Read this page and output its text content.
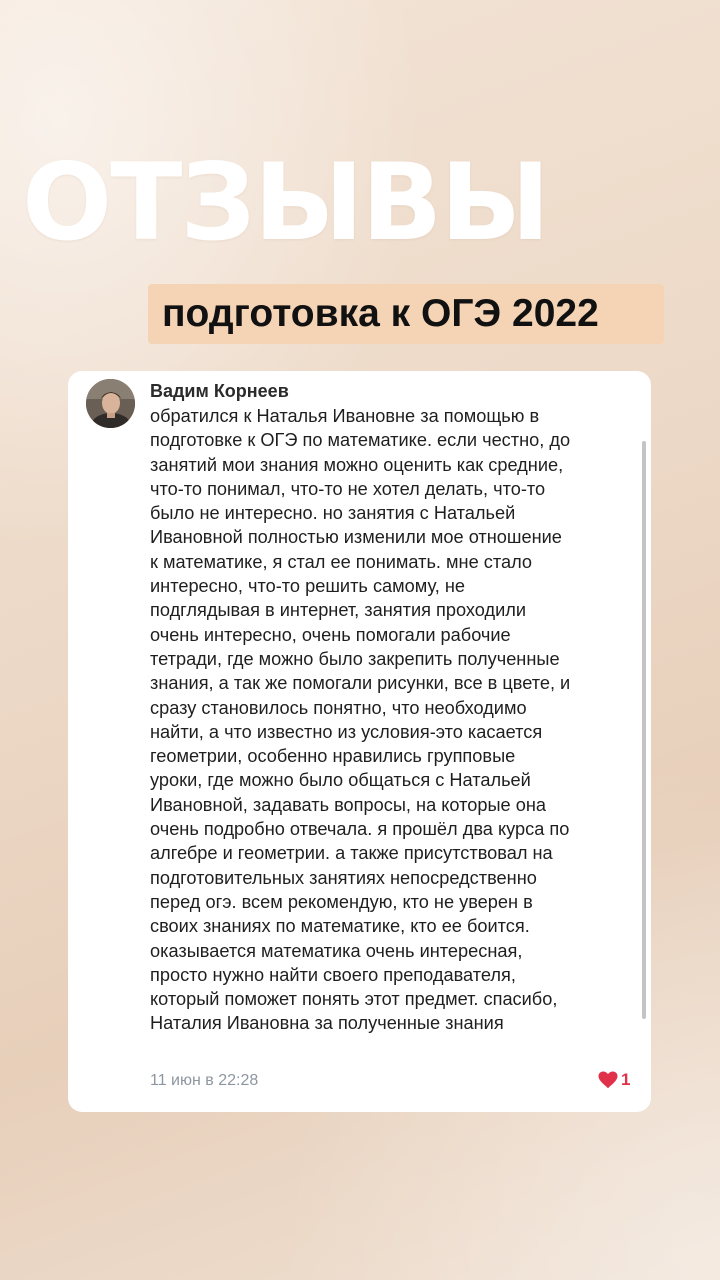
ОТЗЫВЫ
подготовка к ОГЭ 2022
Вадим Корнеев
обратился к Наталья Ивановне за помощью в
подготовке к ОГЭ по математике. если честно, до
занятий мои знания можно оценить как средние,
что-то понимал, что-то не хотел делать, что-то
было не интересно. но занятия с Натальей
Ивановной полностью изменили мое отношение
к математике, я стал ее понимать. мне стало
интересно, что-то решить самому, не
подглядывая в интернет, занятия проходили
очень интересно, очень помогали рабочие
тетради, где можно было закрепить полученные
знания, а так же помогали рисунки, все в цвете, и
сразу становилось понятно, что необходимо
найти, а что известно из условия-это касается
геометрии, особенно нравились групповые
уроки, где можно было общаться с Натальей
Ивановной, задавать вопросы, на которые она
очень подробно отвечала. я прошёл два курса по
алгебре и геометрии. а также присутствовал на
подготовительных занятиях непосредственно
перед огэ. всем рекомендую, кто не уверен в
своих знаниях по математике, кто ее боится.
оказывается математика очень интересная,
просто нужно найти своего преподавателя,
который поможет понять этот предмет. спасибо,
Наталия Ивановна за полученные знания
11 июн в 22:28	1
